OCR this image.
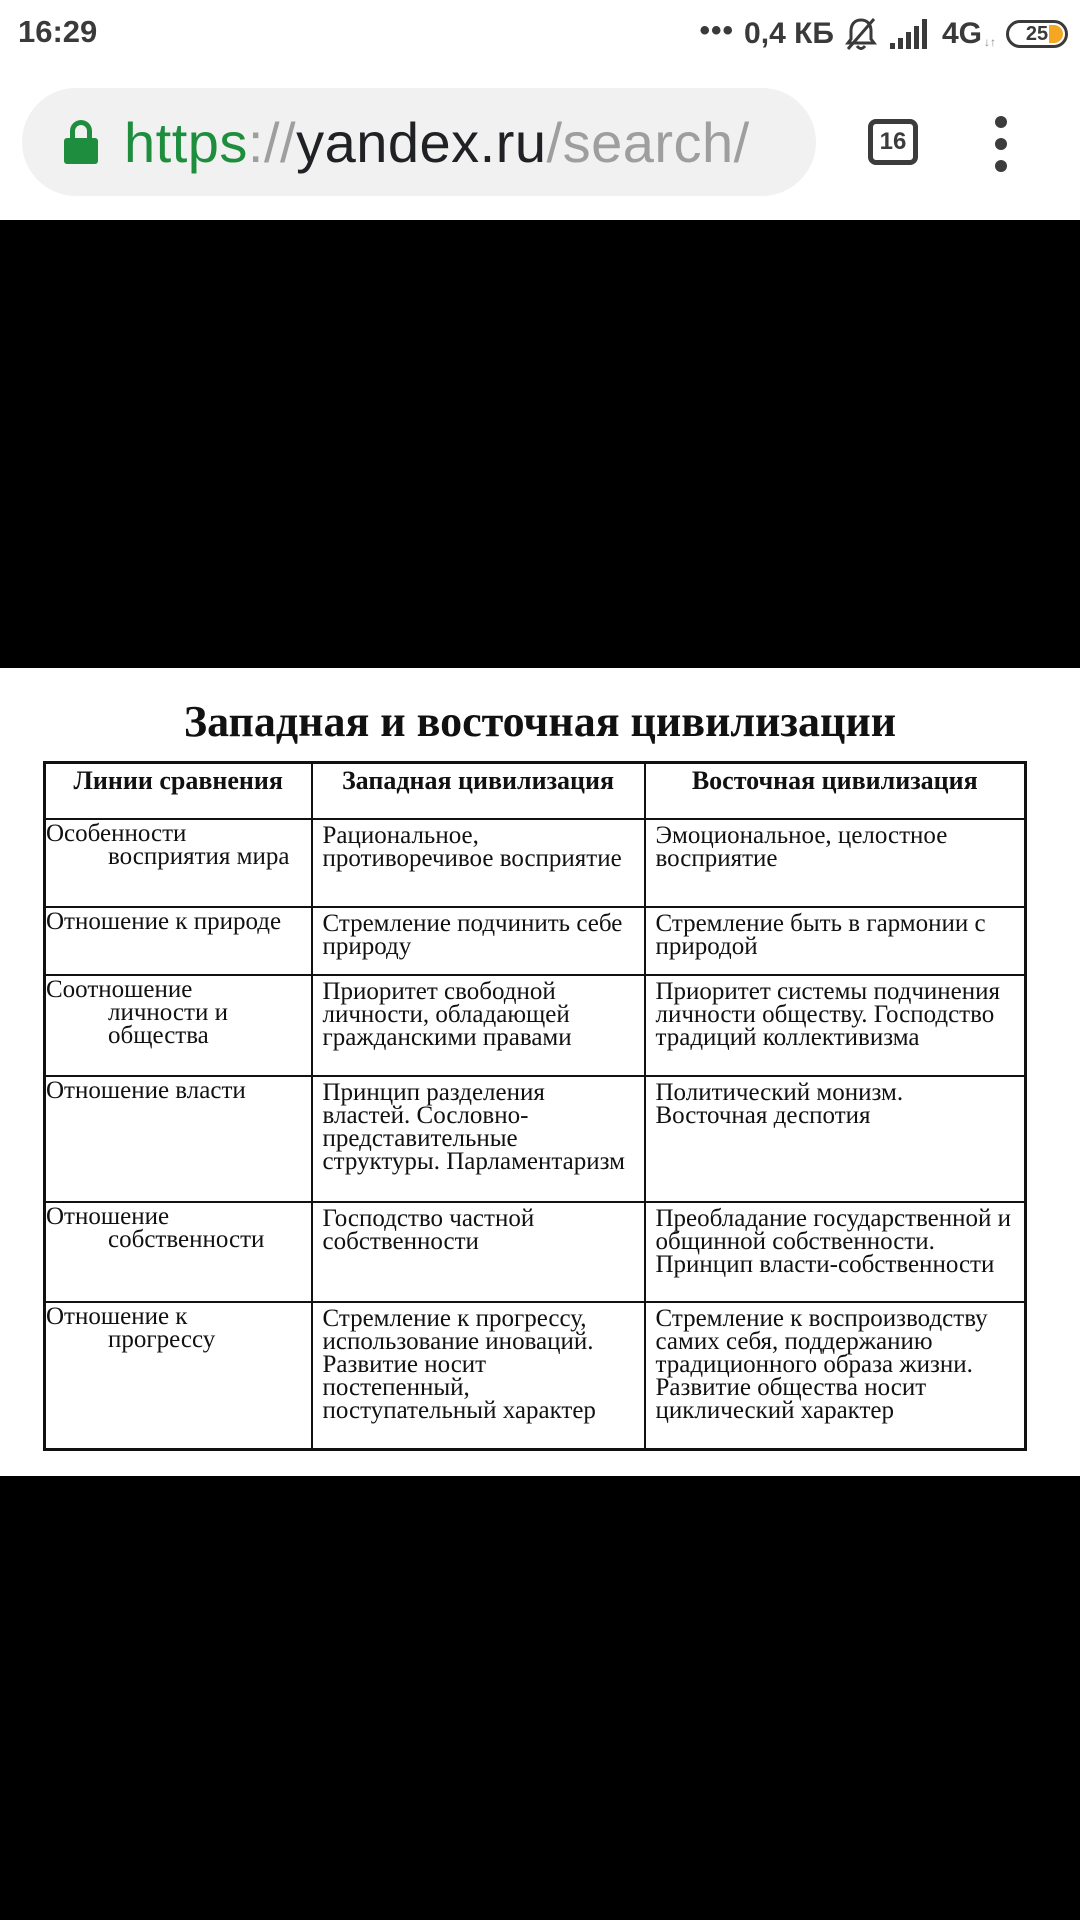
16:29	••• 0,4 КБ	4G ↓↑ 25
https://yandex.ru/search/	16
Западная и восточная цивилизации
Линии сравнения	Западная цивилизация	Восточная цивилизация

Особенности
восприятия мира	Рациональное, противоречивое восприятие	Эмоциональное, целостное восприятие

Отношение к природе	Стремление подчинить себе природу	Стремление быть в гармонии с природой

Соотношение
личности и общества	Приоритет свободной личности, обладающей гражданскими правами	Приоритет системы подчинения личности обществу. Господство традиций коллективизма

Отношение власти	Принцип разделения властей. Сословно-представительные структуры. Парламентаризм	Политический монизм. Восточная деспотия

Отношение
собственности	Господство частной собственности	Преобладание государственной и общинной собственности. Принцип власти-собственности

Отношение к
прогрессу	Стремление к прогрессу, использование иноваций. Развитие носит постепенный, поступательный характер	Стремление к воспроизводству самих себя, поддержанию традиционного образа жизни. Развитие общества носит циклический характер
